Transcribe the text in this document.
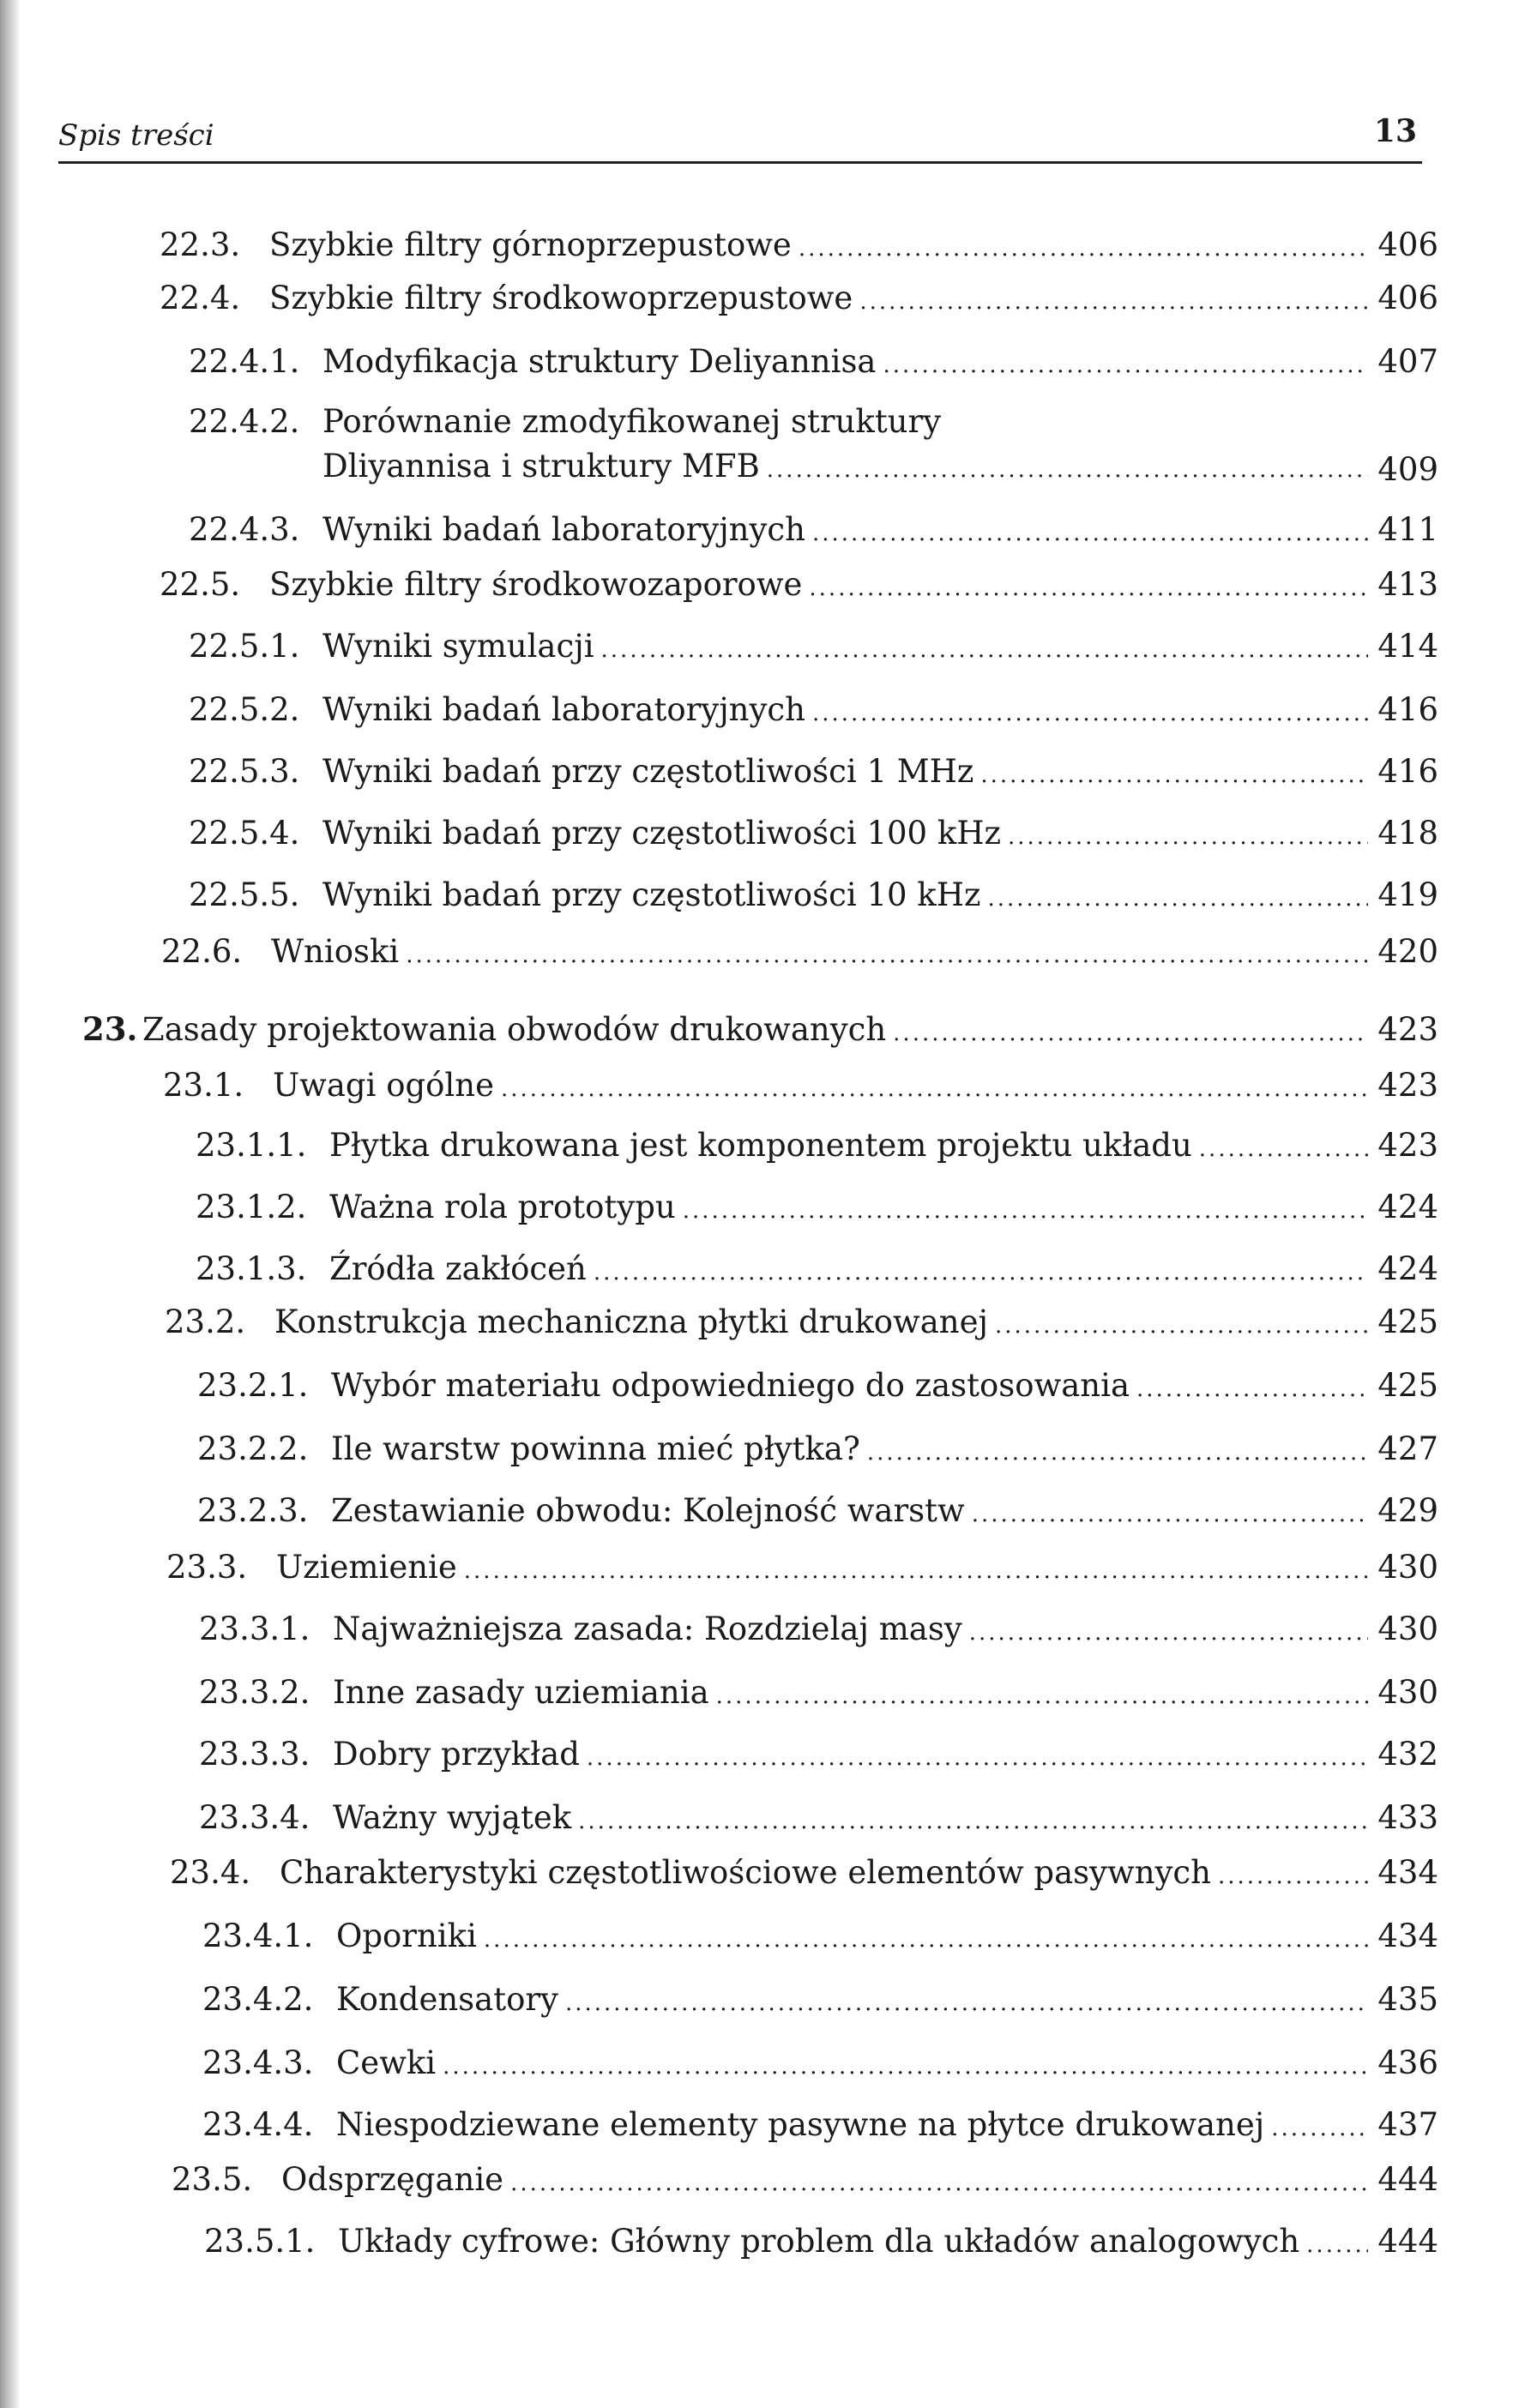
Spis treści	13
22.3. Szybkie filtry górnoprzepustowe .....	406
22.4. Szybkie filtry środkowoprzepustowe .....	406
22.4.1. Modyfikacja struktury Deliyannisa .....	407
22.4.2. Porównanie zmodyfikowanej struktury
Dliyannisa i struktury MFB .....	409
22.4.3. Wyniki badań laboratoryjnych .....	411
22.5. Szybkie filtry środkowozaporowe .....	413
22.5.1. Wyniki symulacji .....	414
22.5.2. Wyniki badań laboratoryjnych .....	416
22.5.3. Wyniki badań przy częstotliwości 1 MHz .....	416
22.5.4. Wyniki badań przy częstotliwości 100 kHz .....	418
22.5.5. Wyniki badań przy częstotliwości 10 kHz .....	419
22.6. Wnioski .....	420
23. Zasady projektowania obwodów drukowanych .....	423
23.1. Uwagi ogólne .....	423
23.1.1. Płytka drukowana jest komponentem projektu układu .....	423
23.1.2. Ważna rola prototypu .....	424
23.1.3. Źródła zakłóceń .....	424
23.2. Konstrukcja mechaniczna płytki drukowanej .....	425
23.2.1. Wybór materiału odpowiedniego do zastosowania .....	425
23.2.2. Ile warstw powinna mieć płytka? .....	427
23.2.3. Zestawianie obwodu: Kolejność warstw .....	429
23.3. Uziemienie .....	430
23.3.1. Najważniejsza zasada: Rozdzielaj masy .....	430
23.3.2. Inne zasady uziemiania .....	430
23.3.3. Dobry przykład .....	432
23.3.4. Ważny wyjątek .....	433
23.4. Charakterystyki częstotliwościowe elementów pasywnych .....	434
23.4.1. Oporniki .....	434
23.4.2. Kondensatory .....	435
23.4.3. Cewki .....	436
23.4.4. Niespodziewane elementy pasywne na płytce drukowanej .....	437
23.5. Odsprzęganie .....	444
23.5.1. Układy cyfrowe: Główny problem dla układów analogowych ..... 444
